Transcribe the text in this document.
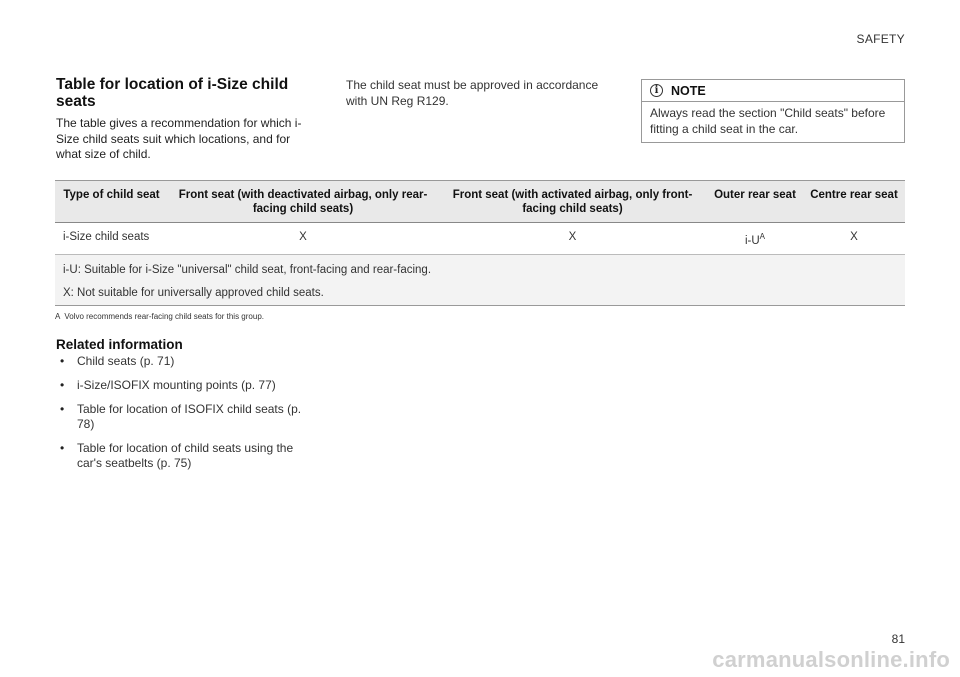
SAFETY
Table for location of i-Size child seats

The table gives a recommendation for which i-Size child seats suit which locations, and for what size of child.

The child seat must be approved in accordance with UN Reg R129.

i	NOTE
Always read the section "Child seats" before fitting a child seat in the car.
Type of child seat	Front seat (with deactivated airbag, only rear-facing child seats)	Front seat (with activated airbag, only front-facing child seats)	Outer rear seat	Centre rear seat
i-Size child seats	X	X	$i-U^A$	X

i-U: Suitable for i-Size "universal" child seat, front-facing and rear-facing.

X: Not suitable for universally approved child seats.				

A Volvo recommends rear-facing child seats for this group.
Related information
• Child seats (p. 71)
• i-Size/ISOFIX mounting points (p. 77)
• Table for location of ISOFIX child seats (p. 78)
• Table for location of child seats using the car's seatbelts (p. 75)
81
carmanualsonline.info
